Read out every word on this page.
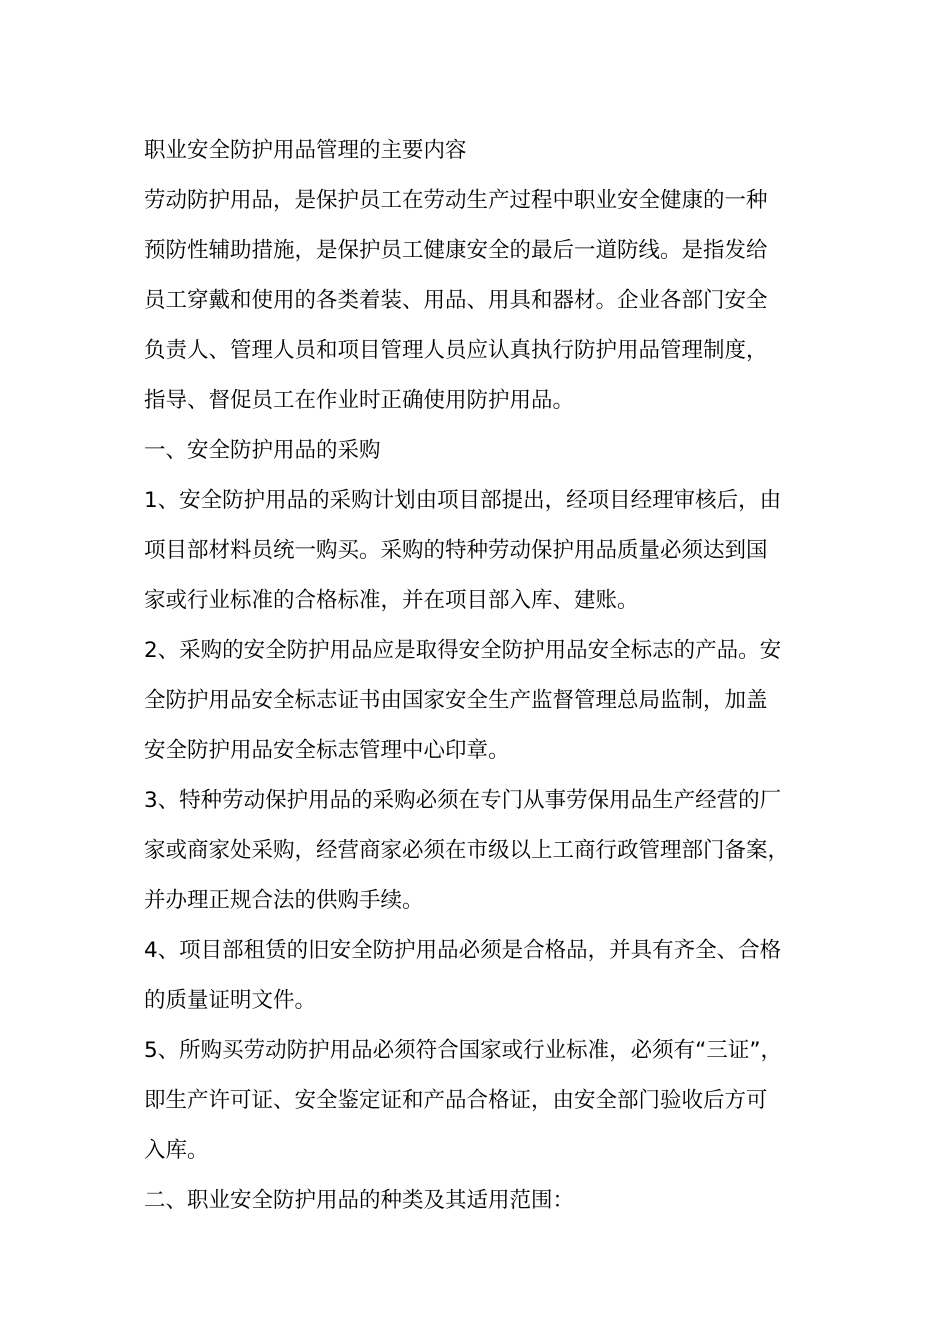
职业安全防护用品管理的主要内容
劳动防护用品，是保护员工在劳动生产过程中职业安全健康的一种
预防性辅助措施，是保护员工健康安全的最后一道防线。是指发给
员工穿戴和使用的各类着装、用品、用具和器材。企业各部门安全
负责人、管理人员和项目管理人员应认真执行防护用品管理制度，
指导、督促员工在作业时正确使用防护用品。
一、安全防护用品的采购
1、安全防护用品的采购计划由项目部提出，经项目经理审核后，由
项目部材料员统一购买。采购的特种劳动保护用品质量必须达到国
家或行业标准的合格标准，并在项目部入库、建账。
2、采购的安全防护用品应是取得安全防护用品安全标志的产品。安
全防护用品安全标志证书由国家安全生产监督管理总局监制，加盖
安全防护用品安全标志管理中心印章。
3、特种劳动保护用品的采购必须在专门从事劳保用品生产经营的厂
家或商家处采购，经营商家必须在市级以上工商行政管理部门备案，
并办理正规合法的供购手续。
4、项目部租赁的旧安全防护用品必须是合格品，并具有齐全、合格
的质量证明文件。
5、所购买劳动防护用品必须符合国家或行业标准，必须有“三证”，
即生产许可证、安全鉴定证和产品合格证，由安全部门验收后方可
入库。
二、职业安全防护用品的种类及其适用范围：
